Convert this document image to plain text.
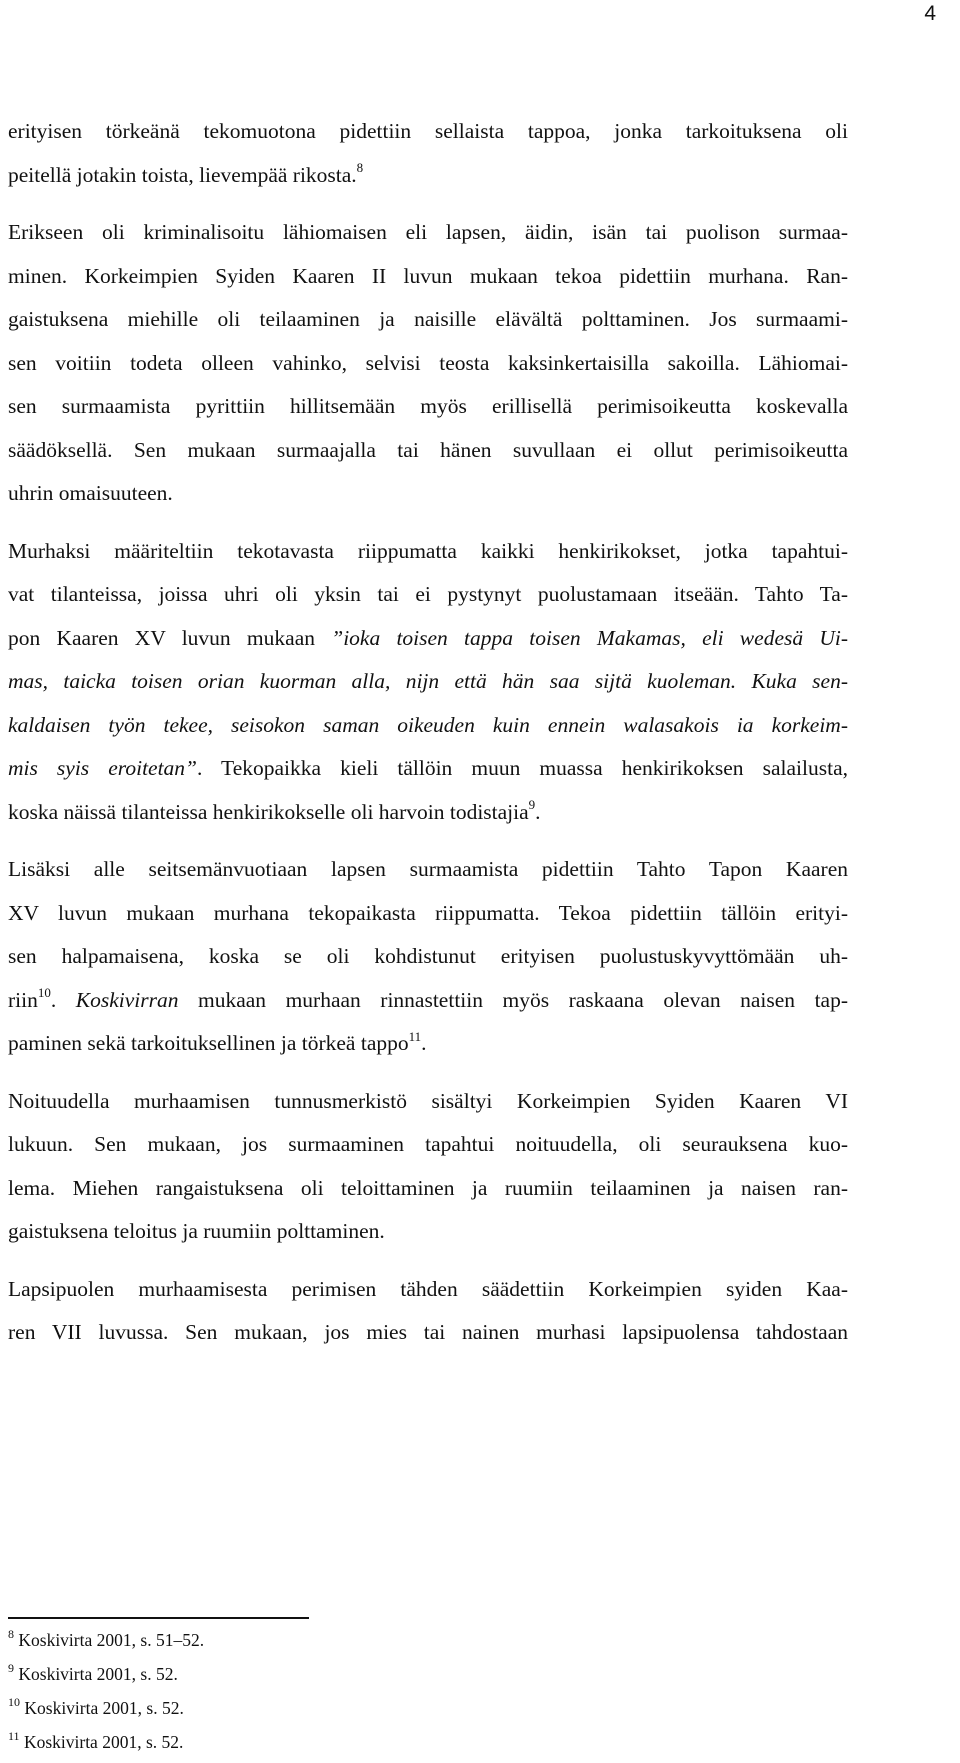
4
erityisen törkeänä tekomuotona pidettiin sellaista tappoa, jonka tarkoituksena oli
peitellä jotakin toista, lievempää rikosta.$^8$
Erikseen oli kriminalisoitu lähiomaisen eli lapsen, äidin, isän tai puolison surmaa-
minen. Korkeimpien Syiden Kaaren II luvun mukaan tekoa pidettiin murhana. Ran-
gaistuksena miehille oli teilaaminen ja naisille elävältä polttaminen. Jos surmaami-
sen voitiin todeta olleen vahinko, selvisi teosta kaksinkertaisilla sakoilla. Lähiomai-
sen surmaamista pyrittiin hillitsemään myös erillisellä perimisoikeutta koskevalla
säädöksellä. Sen mukaan surmaajalla tai hänen suvullaan ei ollut perimisoikeutta
uhrin omaisuuteen.
Murhaksi määriteltiin tekotavasta riippumatta kaikki henkirikokset, jotka tapahtui-
vat tilanteissa, joissa uhri oli yksin tai ei pystynyt puolustamaan itseään. Tahto Ta-
pon Kaaren XV luvun mukaan ”ioka toisen tappa toisen Makamas, eli wedesä Ui-
mas, taicka toisen orian kuorman alla, nijn että hän saa sijtä kuoleman. Kuka sen-
kaldaisen työn tekee, seisokon saman oikeuden kuin ennein walasakois ia korkeim-
mis syis eroitetan”. Tekopaikka kieli tällöin muun muassa henkirikoksen salailusta,
koska näissä tilanteissa henkirikokselle oli harvoin todistajia$^9$.
Lisäksi alle seitsemänvuotiaan lapsen surmaamista pidettiin Tahto Tapon Kaaren
XV luvun mukaan murhana tekopaikasta riippumatta. Tekoa pidettiin tällöin erityi-
sen halpamaisena, koska se oli kohdistunut erityisen puolustuskyvyttömään uh-
riin$^{10}$. Koskivirran mukaan murhaan rinnastettiin myös raskaana olevan naisen tap-
paminen sekä tarkoituksellinen ja törkeä tappo$^{11}$.
Noituudella murhaamisen tunnusmerkistö sisältyi Korkeimpien Syiden Kaaren VI
lukuun. Sen mukaan, jos surmaaminen tapahtui noituudella, oli seurauksena kuo-
lema. Miehen rangaistuksena oli teloittaminen ja ruumiin teilaaminen ja naisen ran-
gaistuksena teloitus ja ruumiin polttaminen.
Lapsipuolen murhaamisesta perimisen tähden säädettiin Korkeimpien syiden Kaa-
ren VII luvussa. Sen mukaan, jos mies tai nainen murhasi lapsipuolensa tahdostaan
$^8$ Koskivirta 2001, s. 51–52.
$^9$ Koskivirta 2001, s. 52.
$^{10}$ Koskivirta 2001, s. 52.
$^{11}$ Koskivirta 2001, s. 52.
